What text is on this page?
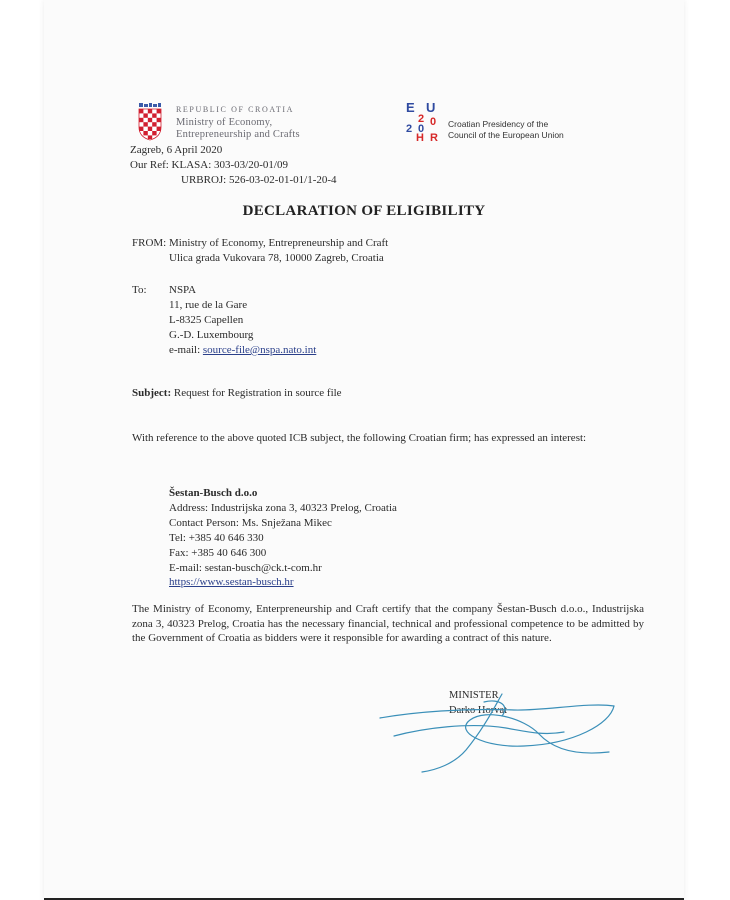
REPUBLIC OF CROATIA
Ministry of Economy,
Entrepreneurship and Crafts
E U
2 0
2 0
H R
Croatian Presidency of the
Council of the European Union
Zagreb, 6 April 2020
Our Ref: KLASA: 303-03/20-01/09
URBROJ: 526-03-02-01-01/1-20-4
DECLARATION OF ELIGIBILITY
FROM: Ministry of Economy, Entrepreneurship and Craft
Ulica grada Vukovara 78, 10000 Zagreb, Croatia
To: NSPA
11, rue de la Gare
L-8325 Capellen
G.-D. Luxembourg
e-mail: source-file@nspa.nato.int
Subject: Request for Registration in source file
With reference to the above quoted ICB subject, the following Croatian firm; has expressed an interest:
Šestan-Busch d.o.o
Address: Industrijska zona 3, 40323 Prelog, Croatia
Contact Person: Ms. Snježana Mikec
Tel: +385 40 646 330
Fax: +385 40 646 300
E-mail: sestan-busch@ck.t-com.hr
https://www.sestan-busch.hr
The Ministry of Economy, Enterpreneurship and Craft certify that the company Šestan-Busch d.o.o., Industrijska zona 3, 40323 Prelog, Croatia has the necessary financial, technical and professional competence to be admitted by the Government of Croatia as bidders were it responsible for awarding a contract of this nature.
MINISTER
Darko Horvat
